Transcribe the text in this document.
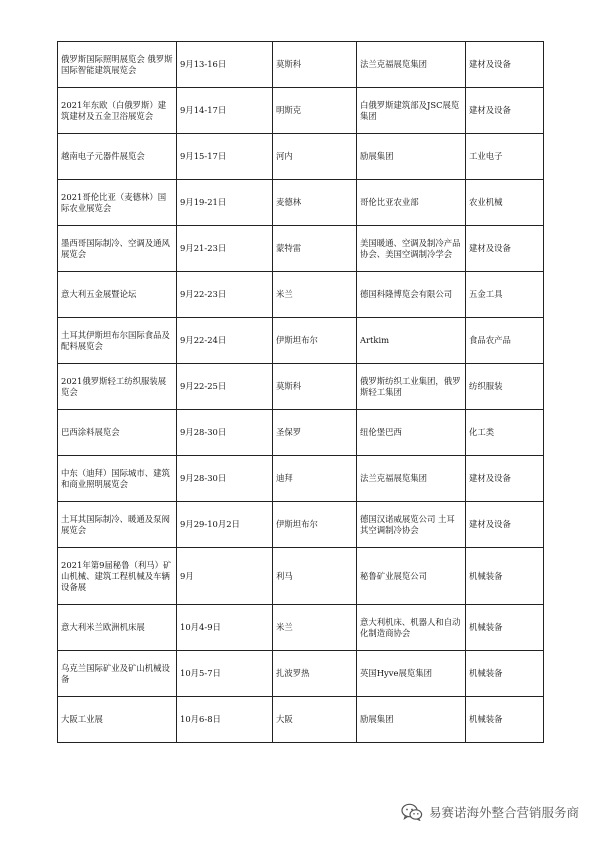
俄罗斯国际照明展览会 俄罗斯国际智能建筑展览会	9月13-16日	莫斯科	法兰克福展览集团	建材及设备
2021年东欧（白俄罗斯）建筑建材及五金卫浴展览会	9月14-17日	明斯克	白俄罗斯建筑部及JSC展览集团	建材及设备
越南电子元器件展览会	9月15-17日	河内	励展集团	工业电子
2021哥伦比亚（麦德林）国际农业展览会	9月19-21日	麦德林	哥伦比亚农业部	农业机械
墨西哥国际制冷、空调及通风展览会	9月21-23日	蒙特雷	美国暖通、空调及制冷产品协会、美国空调制冷学会	建材及设备
意大利五金展暨论坛	9月22-23日	米兰	德国科隆博览会有限公司	五金工具
土耳其伊斯坦布尔国际食品及配料展览会	9月22-24日	伊斯坦布尔	Artkim	食品农产品
2021俄罗斯轻工纺织服装展览会	9月22-25日	莫斯科	俄罗斯纺织工业集团，俄罗斯轻工集团	纺织服装
巴西涂料展览会	9月28-30日	圣保罗	纽伦堡巴西	化工类
中东（迪拜）国际城市、建筑和商业照明展览会	9月28-30日	迪拜	法兰克福展览集团	建材及设备
土耳其国际制冷、暖通及泵阀展览会	9月29-10月2日	伊斯坦布尔	德国汉诺威展览公司 土耳其空调制冷协会	建材及设备
2021年第9届秘鲁（利马）矿山机械、建筑工程机械及车辆设备展	9月	利马	秘鲁矿业展览公司	机械装备
意大利米兰欧洲机床展	10月4-9日	米兰	意大利机床、机器人和自动化制造商协会	机械装备
乌克兰国际矿业及矿山机械设备	10月5-7日	扎波罗热	英国Hyve展览集团	机械装备
大阪工业展	10月6-8日	大阪	励展集团	机械装备
易赛诺海外整合营销服务商
